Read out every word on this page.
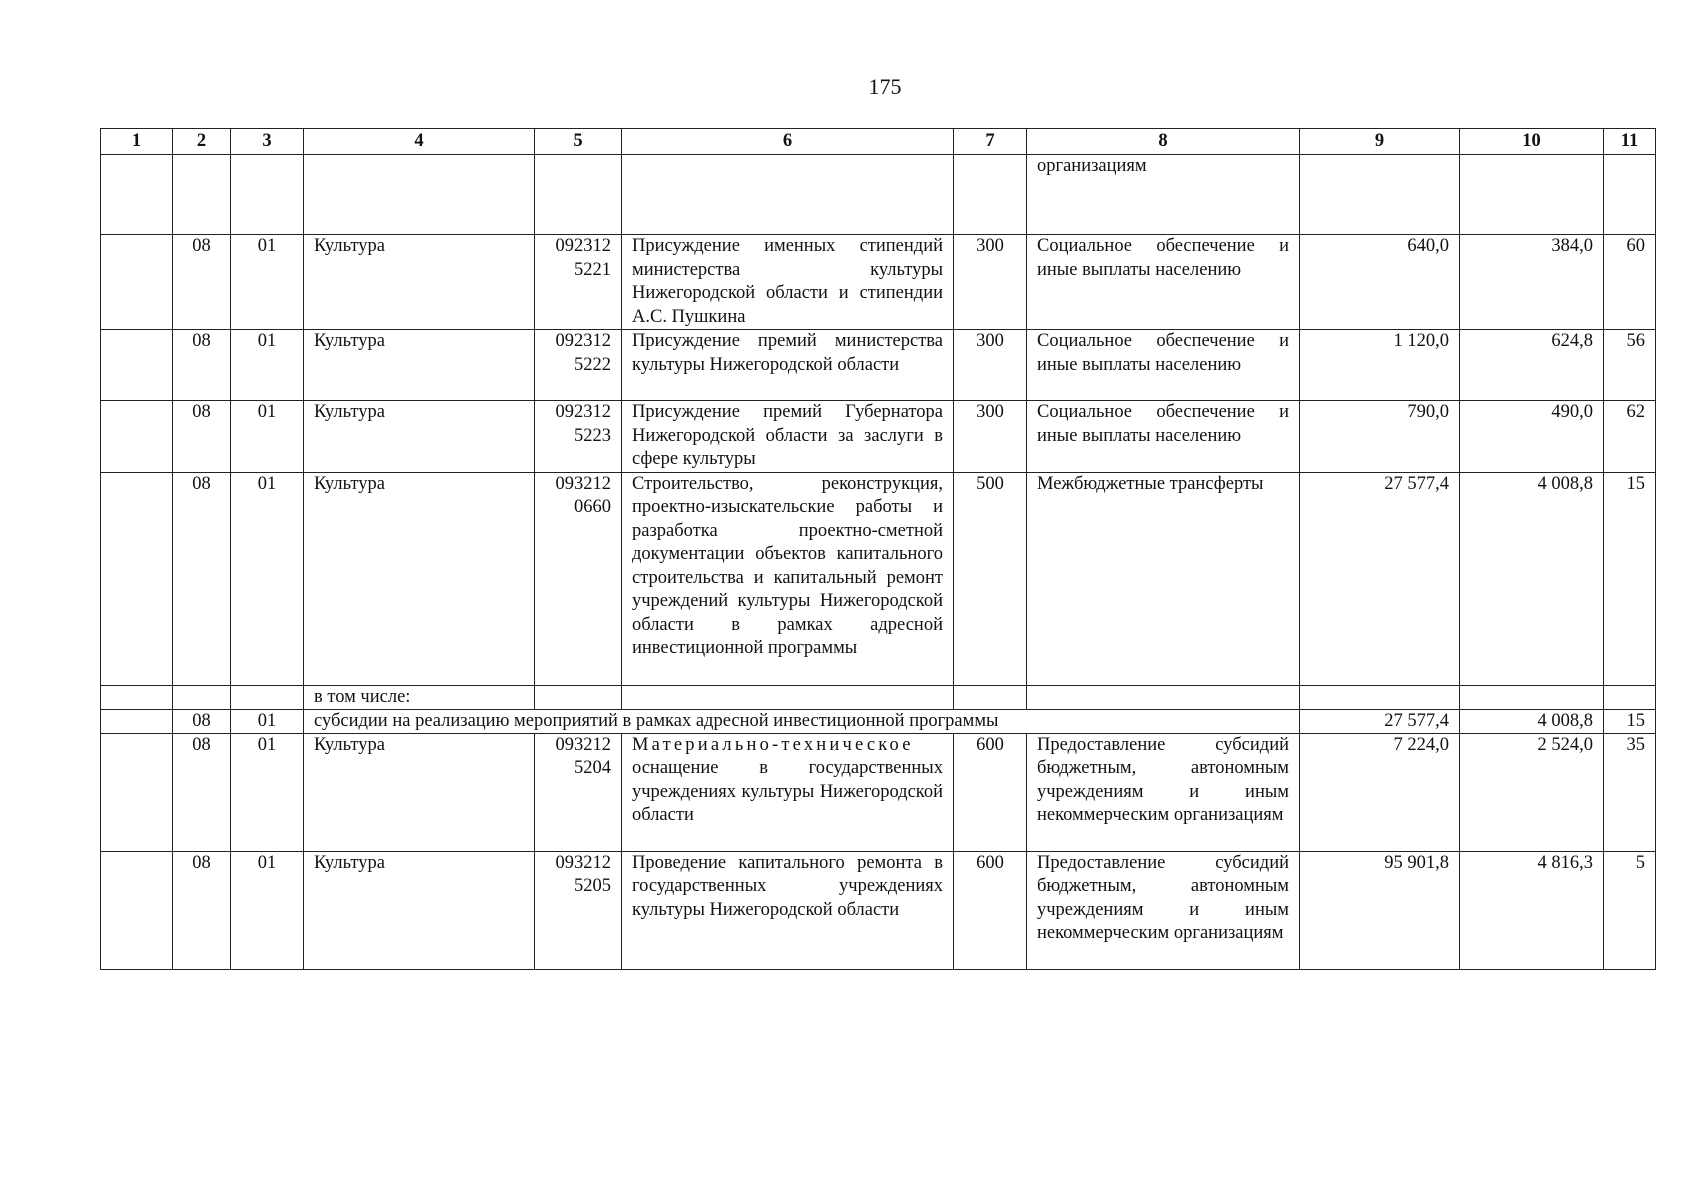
175
1	2	3	4	5	6	7	8	9	10	11
							организациям			
	08	01	Культура	092312 5221	Присуждение именных стипендий министерства культуры Нижегородской области и стипендии А.С. Пушкина	300	Социальное обеспечение и иные выплаты населению	640,0	384,0	60
	08	01	Культура	092312 5222	Присуждение премий министерства культуры Нижегородской области	300	Социальное обеспечение и иные выплаты населению	1 120,0	624,8	56
	08	01	Культура	092312 5223	Присуждение премий Губернатора Нижегородской области за заслуги в сфере культуры	300	Социальное обеспечение и иные выплаты населению	790,0	490,0	62
	08	01	Культура	093212 0660	Строительство, реконструкция, проектно-изыскательские работы и разработка проектно-сметной документации объектов капитального строительства и капитальный ремонт учреждений культуры Нижегородской области в рамках адресной инвестиционной программы	500	Межбюджетные трансферты	27 577,4	4 008,8	15
			в том числе:							
	08	01	субсидии на реализацию мероприятий в рамках адресной инвестиционной программы					27 577,4	4 008,8	15
	08	01	Культура	093212 5204	Материально-техническое оснащение в государственных учреждениях культуры Нижегородской области	600	Предоставление субсидий бюджетным, автономным учреждениям и иным некоммерческим организациям	7 224,0	2 524,0	35
	08	01	Культура	093212 5205	Проведение капитального ремонта в государственных учреждениях культуры Нижегородской области	600	Предоставление субсидий бюджетным, автономным учреждениям и иным некоммерческим организациям	95 901,8	4 816,3	5
